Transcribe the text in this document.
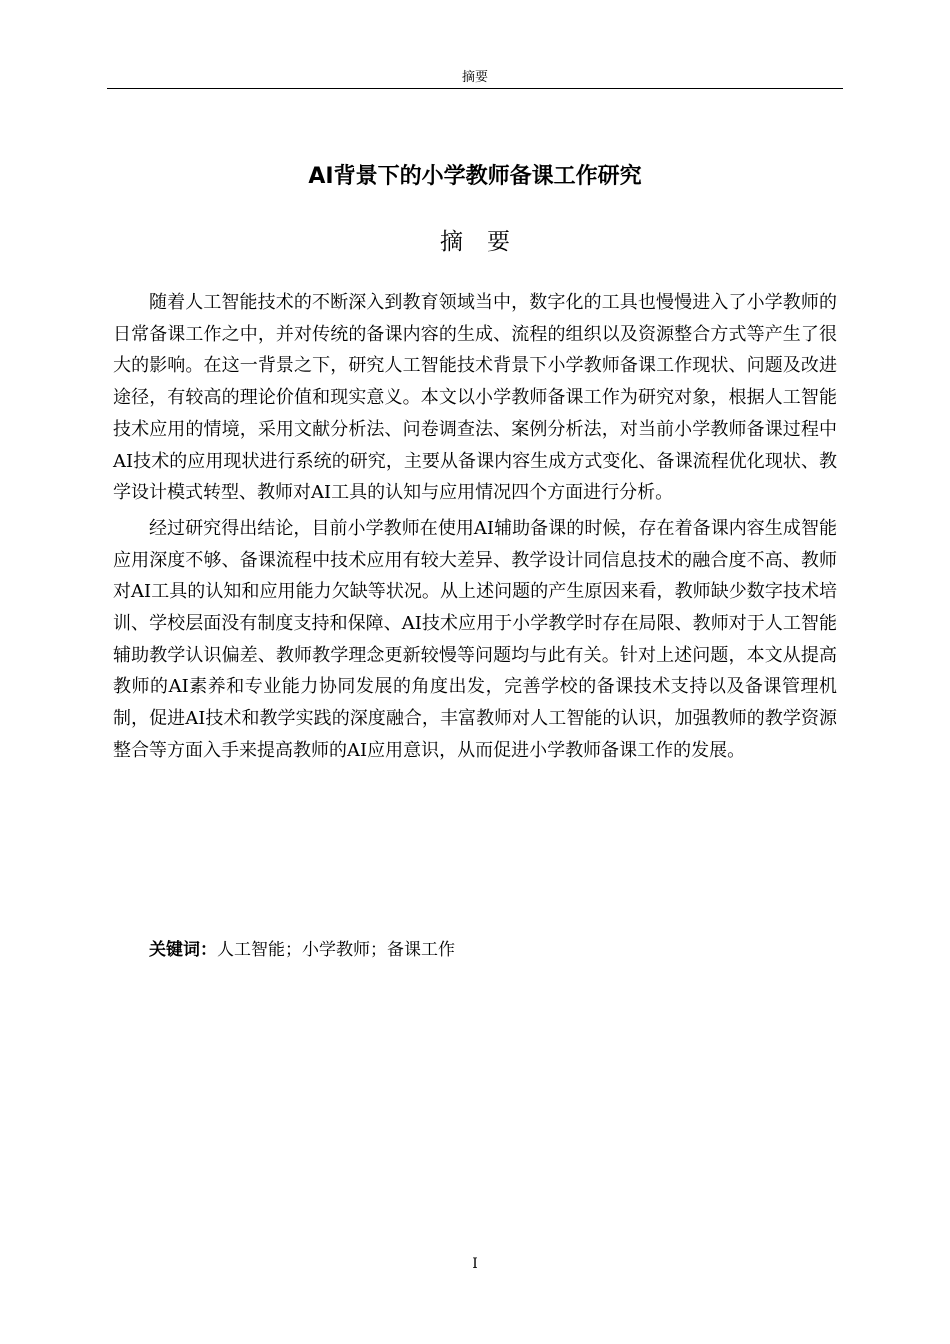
摘要
AI背景下的小学教师备课工作研究
摘要

随着人工智能技术的不断深入到教育领域当中，数字化的工具也慢慢进入了小学教师的日常备课工作之中，并对传统的备课内容的生成、流程的组织以及资源整合方式等产生了很大的影响。在这一背景之下，研究人工智能技术背景下小学教师备课工作现状、问题及改进途径，有较高的理论价值和现实意义。本文以小学教师备课工作为研究对象，根据人工智能技术应用的情境，采用文献分析法、问卷调查法、案例分析法，对当前小学教师备课过程中AI技术的应用现状进行系统的研究，主要从备课内容生成方式变化、备课流程优化现状、教学设计模式转型、教师对AI工具的认知与应用情况四个方面进行分析。

经过研究得出结论，目前小学教师在使用AI辅助备课的时候，存在着备课内容生成智能应用深度不够、备课流程中技术应用有较大差异、教学设计同信息技术的融合度不高、教师对AI工具的认知和应用能力欠缺等状况。从上述问题的产生原因来看，教师缺少数字技术培训、学校层面没有制度支持和保障、AI技术应用于小学教学时存在局限、教师对于人工智能辅助教学认识偏差、教师教学理念更新较慢等问题均与此有关。针对上述问题，本文从提高教师的AI素养和专业能力协同发展的角度出发，完善学校的备课技术支持以及备课管理机制，促进AI技术和教学实践的深度融合，丰富教师对人工智能的认识，加强教师的教学资源整合等方面入手来提高教师的AI应用意识，从而促进小学教师备课工作的发展。

关键词：人工智能；小学教师；备课工作

I
